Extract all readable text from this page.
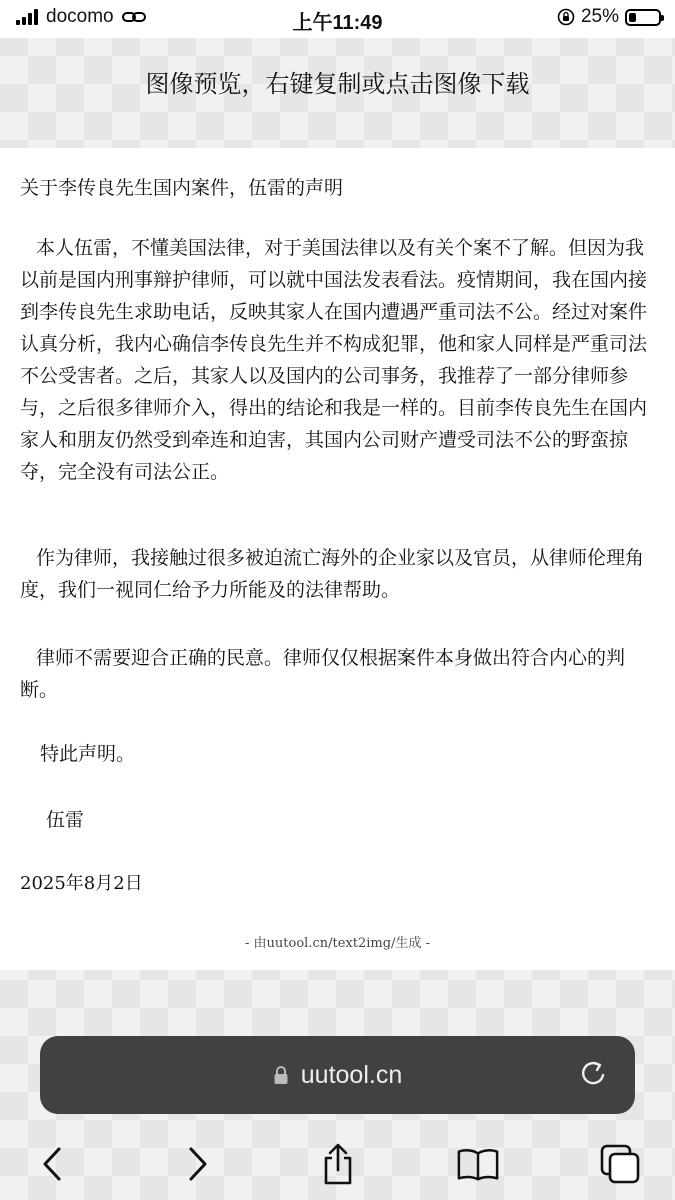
docomo	上午11:49	25%
图像预览，右键复制或点击图像下载

关于李传良先生国内案件，伍雷的声明

本人伍雷，不懂美国法律，对于美国法律以及有关个案不了解。但因为我以前是国内刑事辩护律师，可以就中国法发表看法。疫情期间，我在国内接到李传良先生求助电话，反映其家人在国内遭遇严重司法不公。经过对案件认真分析，我内心确信李传良先生并不构成犯罪，他和家人同样是严重司法不公受害者。之后，其家人以及国内的公司事务，我推荐了一部分律师参与，之后很多律师介入，得出的结论和我是一样的。目前李传良先生在国内家人和朋友仍然受到牵连和迫害，其国内公司财产遭受司法不公的野蛮掠夺，完全没有司法公正。

作为律师，我接触过很多被迫流亡海外的企业家以及官员，从律师伦理角度，我们一视同仁给予力所能及的法律帮助。

律师不需要迎合正确的民意。律师仅仅根据案件本身做出符合内心的判断。

特此声明。

伍雷

2025年8月2日

- 由uutool.cn/text2img/生成 -

uutool.cn
